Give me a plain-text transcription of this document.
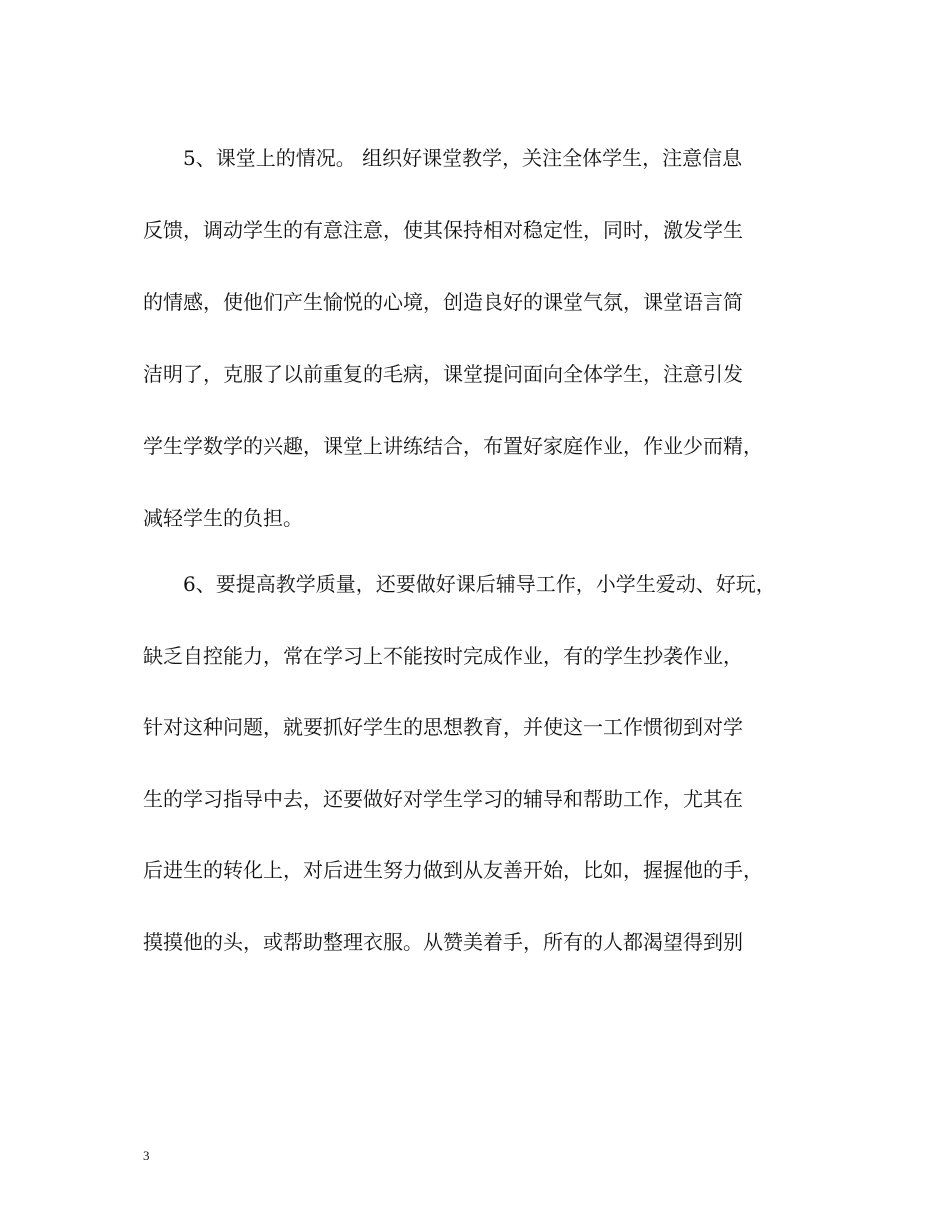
　　5、课堂上的情况。 组织好课堂教学，关注全体学生，注意信息

反馈，调动学生的有意注意，使其保持相对稳定性，同时，激发学生

的情感，使他们产生愉悦的心境，创造良好的课堂气氛，课堂语言简

洁明了，克服了以前重复的毛病，课堂提问面向全体学生，注意引发

学生学数学的兴趣，课堂上讲练结合，布置好家庭作业，作业少而精，

减轻学生的负担。

　　6、要提高教学质量，还要做好课后辅导工作，小学生爱动、好玩，

缺乏自控能力，常在学习上不能按时完成作业，有的学生抄袭作业，

针对这种问题，就要抓好学生的思想教育，并使这一工作惯彻到对学

生的学习指导中去，还要做好对学生学习的辅导和帮助工作，尤其在

后进生的转化上，对后进生努力做到从友善开始，比如，握握他的手，

摸摸他的头，或帮助整理衣服。从赞美着手，所有的人都渴望得到别

3
